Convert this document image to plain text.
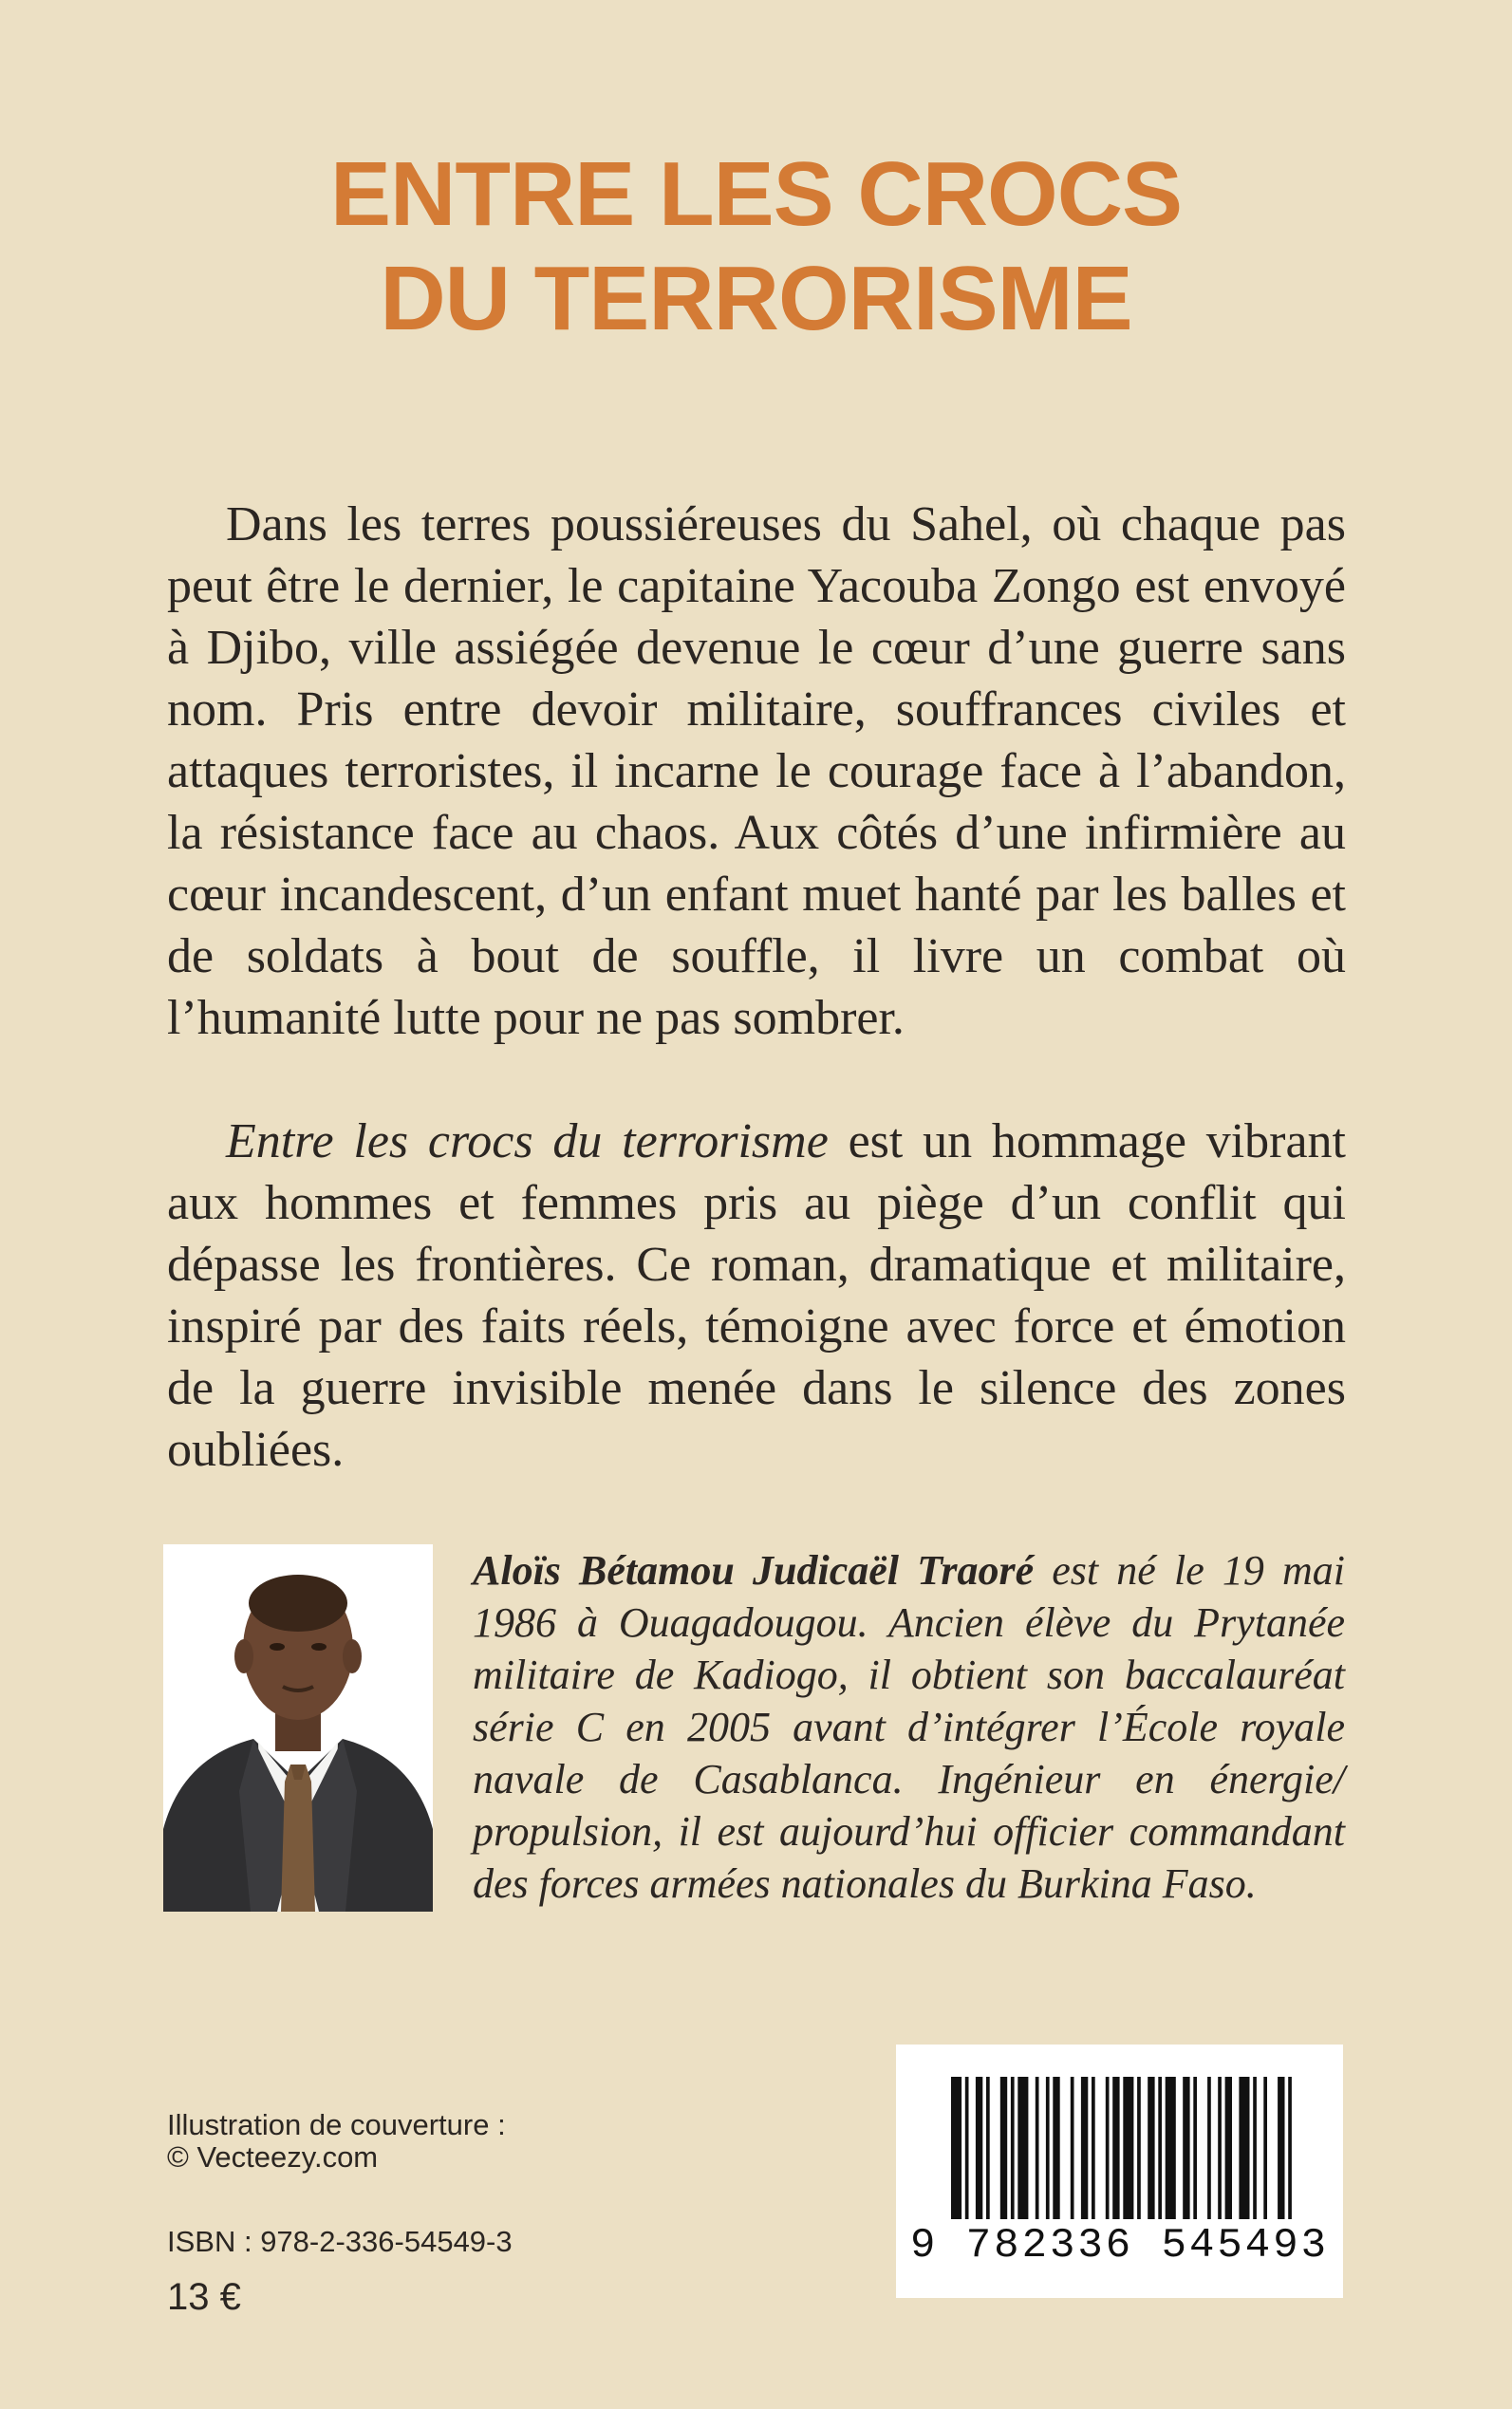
ENTRE LES CROCS
DU TERRORISME

Dans les terres poussiéreuses du Sahel, où chaque pas peut être le dernier, le capitaine Yacouba Zongo est envoyé à Djibo, ville assiégée devenue le cœur d’une guerre sans nom. Pris entre devoir militaire, souffrances civiles et attaques terroristes, il incarne le courage face à l’abandon, la résistance face au chaos. Aux côtés d’une infirmière au cœur incandescent, d’un enfant muet hanté par les balles et de soldats à bout de souffle, il livre un combat où l’humanité lutte pour ne pas sombrer.

Entre les crocs du terrorisme est un hommage vibrant aux hommes et femmes pris au piège d’un conflit qui dépasse les frontières. Ce roman, dramatique et militaire, inspiré par des faits réels, témoigne avec force et émotion de la guerre invisible menée dans le silence des zones oubliées.

Aloïs Bétamou Judicaël Traoré est né le 19 mai 1986 à Ouagadougou. Ancien élève du Prytanée militaire de Kadiogo, il obtient son baccalauréat série C en 2005 avant d’intégrer l’École royale navale de Casablanca. Ingénieur en énergie/ propulsion, il est aujourd’hui officier commandant des forces armées nationales du Burkina Faso.
Illustration de couverture :
© Vecteezy.com
ISBN : 978-2-336-54549-3
13 €
9 782336 545493
